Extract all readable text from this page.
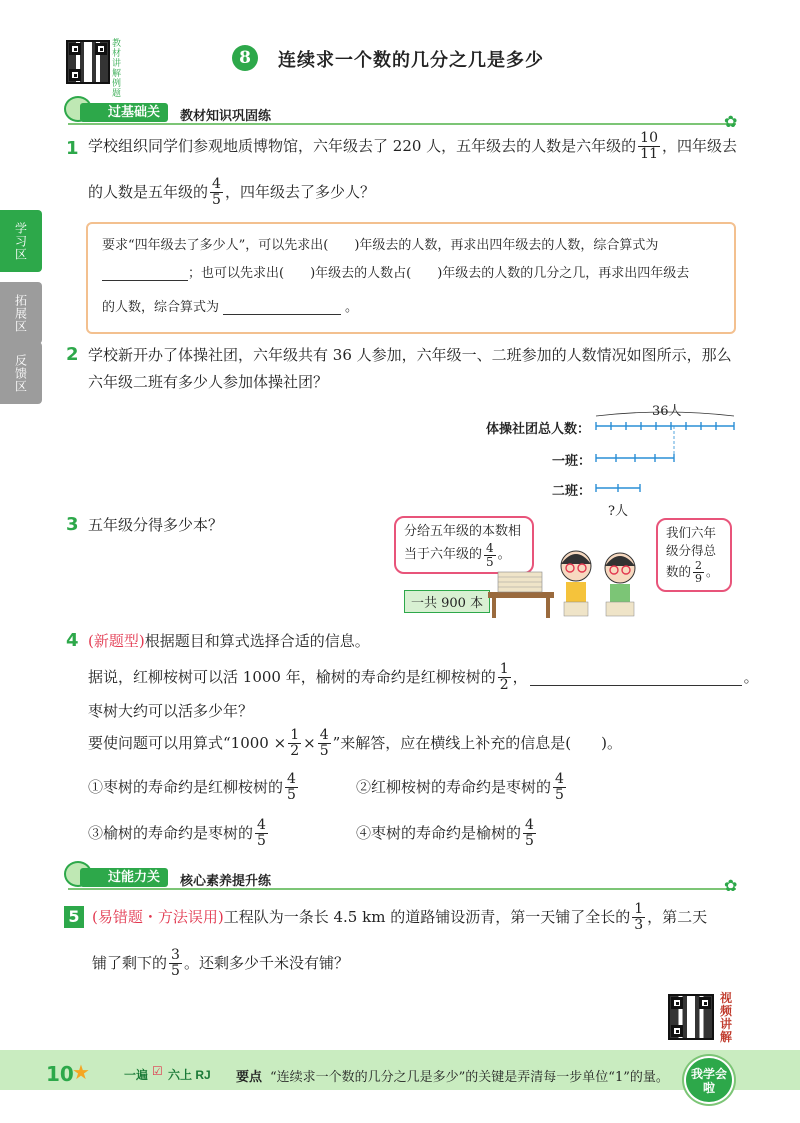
教材讲解例题
8	连续求一个数的几分之几是多少
学习区
拓展区
反馈区
过基础关	教材知识巩固练	✿
1 学校组织同学们参观地质博物馆，六年级去了 220 人，五年级去的人数是六年级的 $\frac{10}{11}$ ，四年级去
的人数是五年级的 $\frac{4}{5}$ ，四年级去了多少人？
要求“四年级去了多少人”，可以先求出(　　)年级去的人数，再求出四年级去的人数，综合算式为
；也可以先求出(　　)年级去的人数占(　　)年级去的人数的几分之几，再求出四年级去
的人数，综合算式为	。
2 学校新开办了体操社团，六年级共有 36 人参加，六年级一、二班参加的人数情况如图所示，那么
六年级二班有多少人参加体操社团？
36人
体操社团总人数：
一班：
二班：
?人
3 五年级分得多少本？	分给五年级的本数相
当于六年级的 $\frac{4}{5}$ 。
我们六年
级分得总
数的 $\frac{2}{9}$ 。
一共 900 本
4 (新题型)根据题目和算式选择合适的信息。
据说，红柳桉树可以活 1000 年，榆树的寿命约是红柳桉树的 $\frac{1}{2}$ ，	。
枣树大约可以活多少年？
要使问题可以用算式“$1000 \times \frac{1}{2} \times \frac{4}{5}$ ”来解答，应在横线上补充的信息是(　　)。
①枣树的寿命约是红柳桉树的 $\frac{4}{5}$	②红柳桉树的寿命约是枣树的 $\frac{4}{5}$
③榆树的寿命约是枣树的 $\frac{4}{5}$	④枣树的寿命约是榆树的 $\frac{4}{5}$
过能力关	核心素养提升练	✿
5 (易错题・方法误用) 工程队为一条长 4.5 km 的道路铺设沥青，第一天铺了全长的 $\frac{1}{3}$ ，第二天
铺了剩下的 $\frac{3}{5}$ 。还剩多少千米没有铺？
视频讲解
10
★	一遍 ☑ 六上 RJ 要点 “连续求一个数的几分之几是多少”的关键是弄清每一步单位“1”的量。	我学会啦
